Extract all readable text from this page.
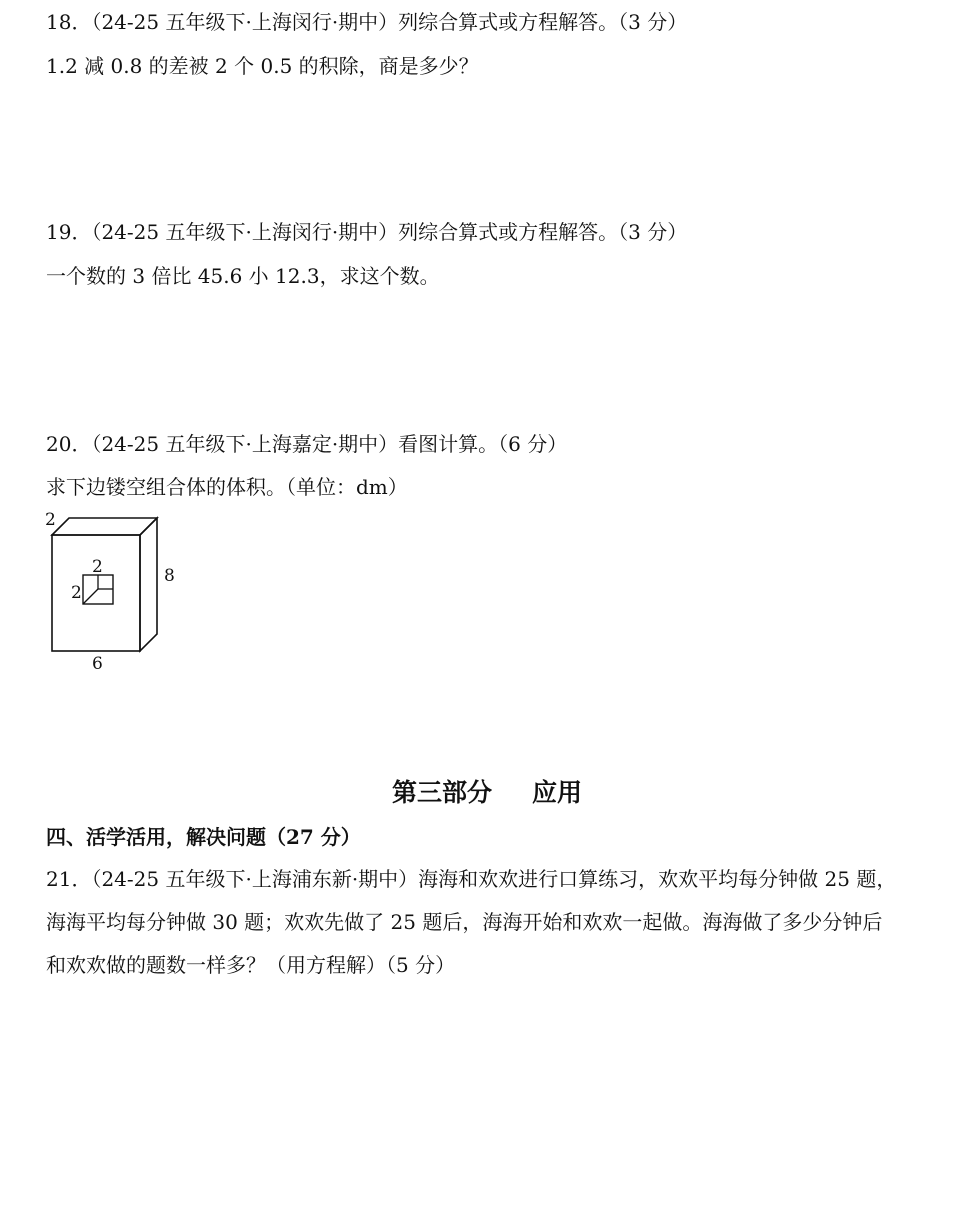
18．（24-25 五年级下·上海闵行·期中）列综合算式或方程解答。（3 分）
1.2 减 0.8 的差被 2 个 0.5 的积除，商是多少？
19．（24-25 五年级下·上海闵行·期中）列综合算式或方程解答。（3 分）
一个数的 3 倍比 45.6 小 12.3，求这个数。
20．（24-25 五年级下·上海嘉定·期中）看图计算。（6 分）
求下边镂空组合体的体积。（单位：dm）
2
8
6
2
2
第三部分 应用
四、活学活用，解决问题（27 分）
21．（24-25 五年级下·上海浦东新·期中）海海和欢欢进行口算练习，欢欢平均每分钟做 25 题，
海海平均每分钟做 30 题；欢欢先做了 25 题后，海海开始和欢欢一起做。海海做了多少分钟后
和欢欢做的题数一样多？（用方程解）（5 分）
